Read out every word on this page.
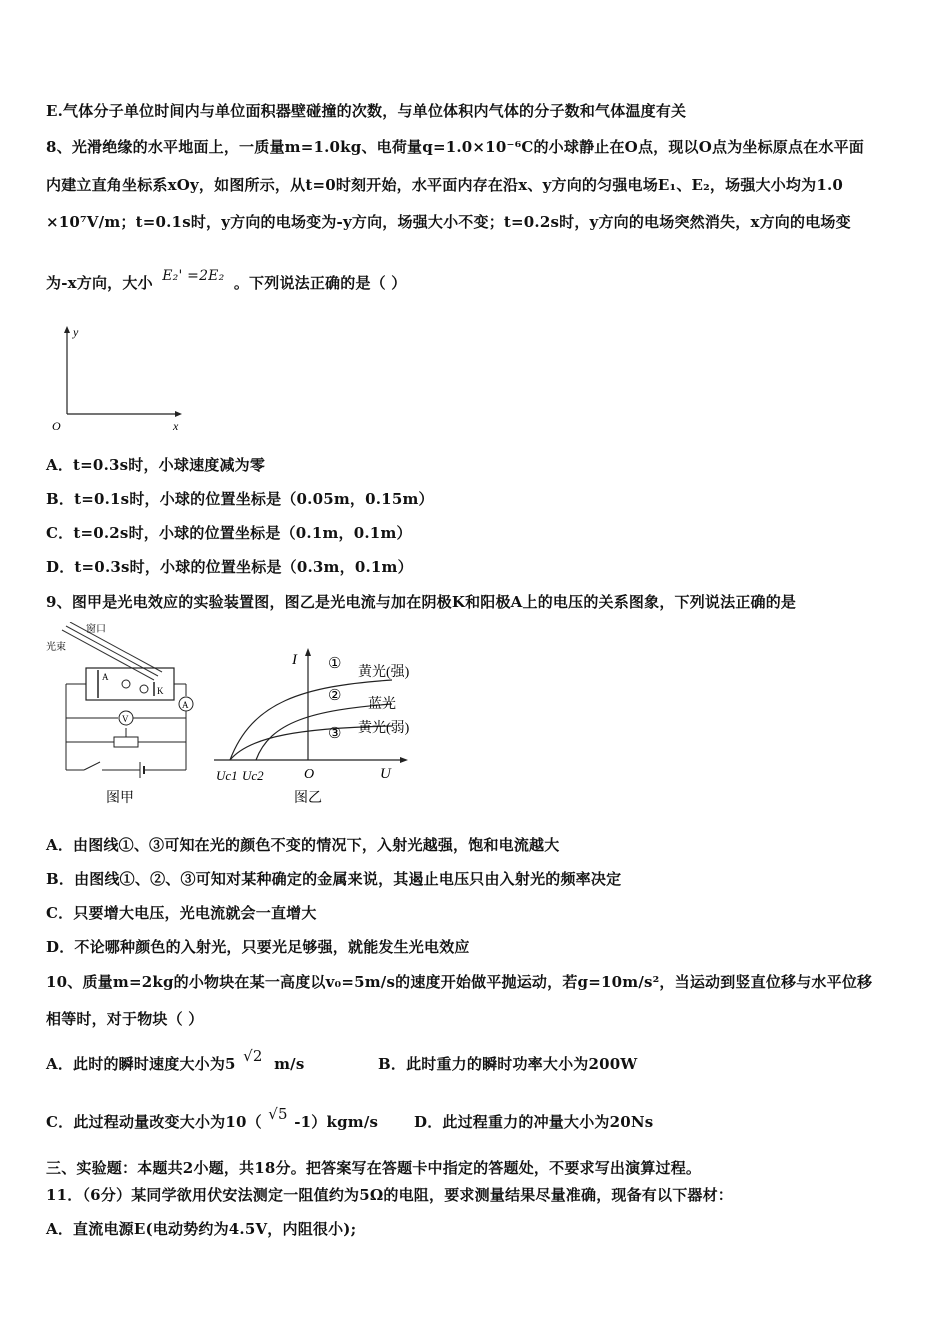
E.气体分子单位时间内与单位面积器壁碰撞的次数，与单位体积内气体的分子数和气体温度有关
8、光滑绝缘的水平地面上，一质量m=1.0kg、电荷量q=1.0×10⁻⁶C的小球静止在O点，现以O点为坐标原点在水平面
内建立直角坐标系xOy，如图所示，从t=0时刻开始，水平面内存在沿x、y方向的匀强电场E₁、E₂，场强大小均为1.0
×10⁷V/m；t=0.1s时，y方向的电场变为-y方向，场强大小不变；t=0.2s时，y方向的电场突然消失，x方向的电场变
为-x方向，大小 E₂' =2E₂ 。下列说法正确的是（ ）
y
x
O
A．t=0.3s时，小球速度减为零
B．t=0.1s时，小球的位置坐标是（0.05m，0.15m）
C．t=0.2s时，小球的位置坐标是（0.1m，0.1m）
D．t=0.3s时，小球的位置坐标是（0.3m，0.1m）
9、图甲是光电效应的实验装置图，图乙是光电流与加在阴极K和阳极A上的电压的关系图象，下列说法正确的是
光束
窗口
A
K
A
V
图甲
I
U
O
Uc1 Uc2
①
②
③
黄光(强)
蓝光
黄光(弱)
图乙
A．由图线①、③可知在光的颜色不变的情况下，入射光越强，饱和电流越大
B．由图线①、②、③可知对某种确定的金属来说，其遏止电压只由入射光的频率决定
C．只要增大电压，光电流就会一直增大
D．不论哪种颜色的入射光，只要光足够强，就能发生光电效应
10、质量m=2kg的小物块在某一高度以v₀=5m/s的速度开始做平抛运动，若g=10m/s²，当运动到竖直位移与水平位移
相等时，对于物块（ ）
A．此时的瞬时速度大小为5 √2 m/s	B．此时重力的瞬时功率大小为200W
C．此过程动量改变大小为10（ √5 -1）kgm/s D．此过程重力的冲量大小为20Ns
三、实验题：本题共2小题，共18分。把答案写在答题卡中指定的答题处，不要求写出演算过程。
11．（6分）某同学欲用伏安法测定一阻值约为5Ω的电阻，要求测量结果尽量准确，现备有以下器材：
A．直流电源E(电动势约为4.5V，内阻很小);
